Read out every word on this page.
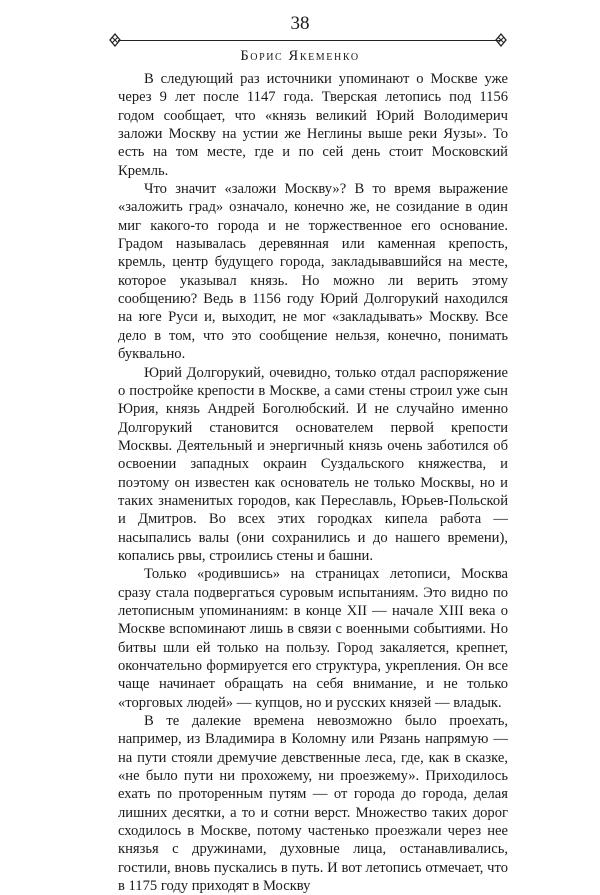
38
Борис Якеменко

В следующий раз источники упоминают о Москве уже через 9 лет после 1147 года. Тверская летопись под 1156 годом сообщает, что «князь великий Юрий Володимерич заложи Москву на устии же Неглины выше реки Яузы». То есть на том месте, где и по сей день стоит Московский Кремль.

Что значит «заложи Москву»? В то время выражение «заложить град» означало, конечно же, не созидание в один миг какого-то города и не торжественное его основание. Градом называлась деревянная или каменная крепость, кремль, центр будущего города, закладывавшийся на месте, которое указывал князь. Но можно ли верить этому сообщению? Ведь в 1156 году Юрий Долгорукий находился на юге Руси и, выходит, не мог «закладывать» Москву. Все дело в том, что это сообщение нельзя, конечно, понимать буквально.

Юрий Долгорукий, очевидно, только отдал распоряжение о постройке крепости в Москве, а сами стены строил уже сын Юрия, князь Андрей Боголюбский. И не случайно именно Долгорукий становится основателем первой крепости Москвы. Деятельный и энергичный князь очень заботился об освоении западных окраин Суздальского княжества, и поэтому он известен как основатель не только Москвы, но и таких знаменитых городов, как Переславль, Юрьев-Польской и Дмитров. Во всех этих городках кипела работа — насыпались валы (они сохранились и до нашего времени), копались рвы, строились стены и башни.

Только «родившись» на страницах летописи, Москва сразу стала подвергаться суровым испытаниям. Это видно по летописным упоминаниям: в конце XII — начале XIII века о Москве вспоминают лишь в связи с военными событиями. Но битвы шли ей только на пользу. Город закаляется, крепнет, окончательно формируется его структура, укрепления. Он все чаще начинает обращать на себя внимание, и не только «торговых людей» — купцов, но и русских князей — владык.

В те далекие времена невозможно было проехать, например, из Владимира в Коломну или Рязань напрямую — на пути стояли дремучие девственные леса, где, как в сказке, «не было пути ни прохожему, ни проезжему». Приходилось ехать по проторенным путям — от города до города, делая лишних десятки, а то и сотни верст. Множество таких дорог сходилось в Москве, потому частенько проезжали через нее князья с дружинами, духовные лица, останавливались, гостили, вновь пускались в путь. И вот летопись отмечает, что в 1175 году приходят в Москву
